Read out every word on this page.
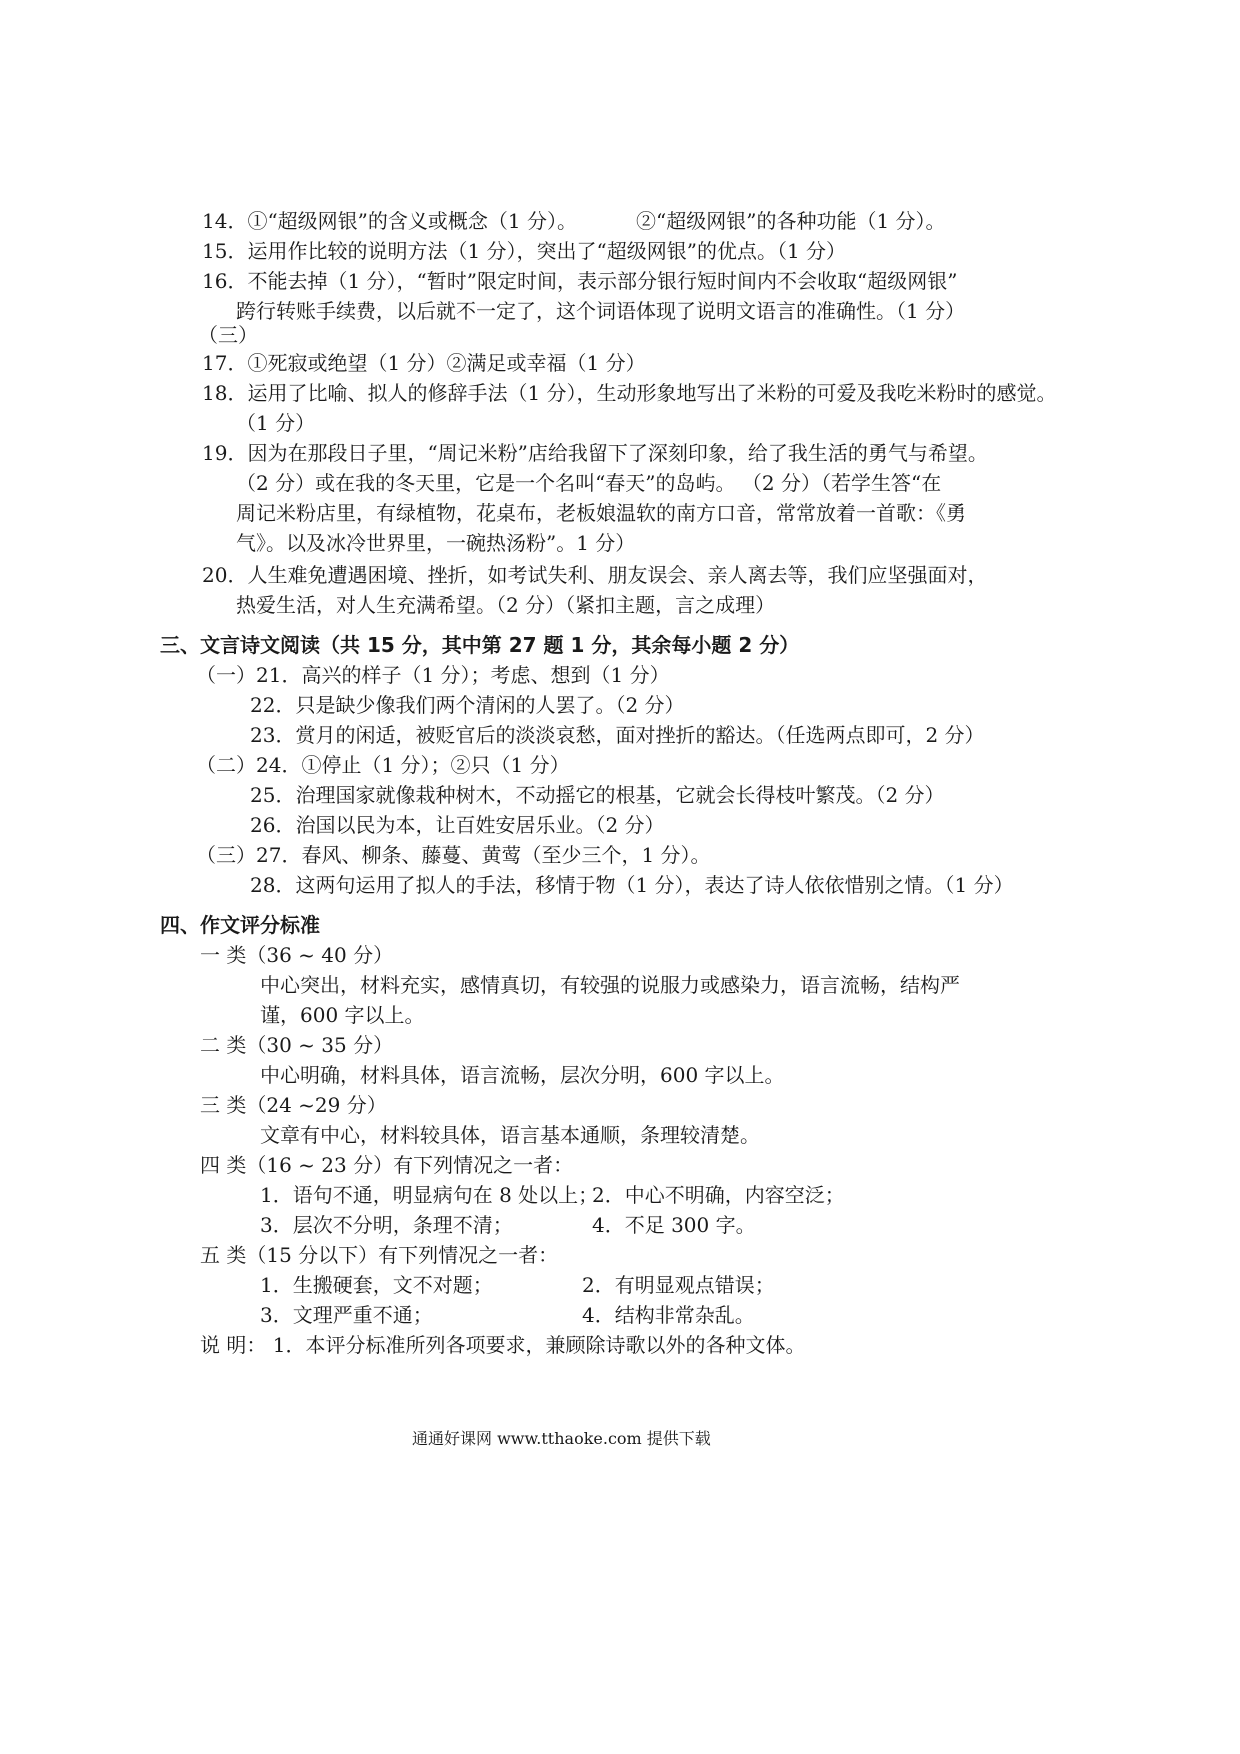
14．①“超级网银”的含义或概念（1 分）。	②“超级网银”的各种功能（1 分）。
15．运用作比较的说明方法（1 分），突出了“超级网银”的优点。（1 分）
16．不能去掉（1 分），“暂时”限定时间，表示部分银行短时间内不会收取“超级网银”
跨行转账手续费，以后就不一定了，这个词语体现了说明文语言的准确性。（1 分）
（三）
17．①死寂或绝望（1 分）②满足或幸福（1 分）
18．运用了比喻、拟人的修辞手法（1 分），生动形象地写出了米粉的可爱及我吃米粉时的感觉。
（1 分）
19．因为在那段日子里，“周记米粉”店给我留下了深刻印象，给了我生活的勇气与希望。
（2 分）或在我的冬天里，它是一个名叫“春天”的岛屿。 （2 分）（若学生答“在
周记米粉店里，有绿植物，花桌布，老板娘温软的南方口音，常常放着一首歌：《勇
气》。以及冰冷世界里，一碗热汤粉”。1 分）
20．人生难免遭遇困境、挫折，如考试失利、朋友误会、亲人离去等，我们应坚强面对，
热爱生活，对人生充满希望。（2 分）（紧扣主题，言之成理）
三、文言诗文阅读（共 15 分，其中第 27 题 1 分，其余每小题 2 分）
（一）21．高兴的样子（1 分）；考虑、想到（1 分）
22．只是缺少像我们两个清闲的人罢了。（2 分）
23．赏月的闲适，被贬官后的淡淡哀愁，面对挫折的豁达。（任选两点即可，2 分）
（二）24．①停止（1 分）；②只（1 分）
25．治理国家就像栽种树木，不动摇它的根基，它就会长得枝叶繁茂。（2 分）
26．治国以民为本，让百姓安居乐业。（2 分）
（三）27．春风、柳条、藤蔓、黄莺（至少三个，1 分）。
28．这两句运用了拟人的手法，移情于物（1 分），表达了诗人依依惜别之情。（1 分）
四、作文评分标准
一 类（36 ~ 40 分）
中心突出，材料充实，感情真切，有较强的说服力或感染力，语言流畅，结构严
谨，600 字以上。
二 类（30 ~ 35 分）
中心明确，材料具体，语言流畅，层次分明，600 字以上。
三 类（24 ~29 分）
文章有中心，材料较具体，语言基本通顺，条理较清楚。
四 类（16 ~ 23 分）有下列情况之一者：
1．语句不通，明显病句在 8 处以上；
2．中心不明确，内容空泛；
3．层次不分明，条理不清；	4．不足 300 字。
五 类（15 分以下）有下列情况之一者：
1．生搬硬套，文不对题；	2．有明显观点错误；
3．文理严重不通；	4．结构非常杂乱。
说 明： 1．本评分标准所列各项要求，兼顾除诗歌以外的各种文体。
通通好课网 www.tthaoke.com 提供下载
